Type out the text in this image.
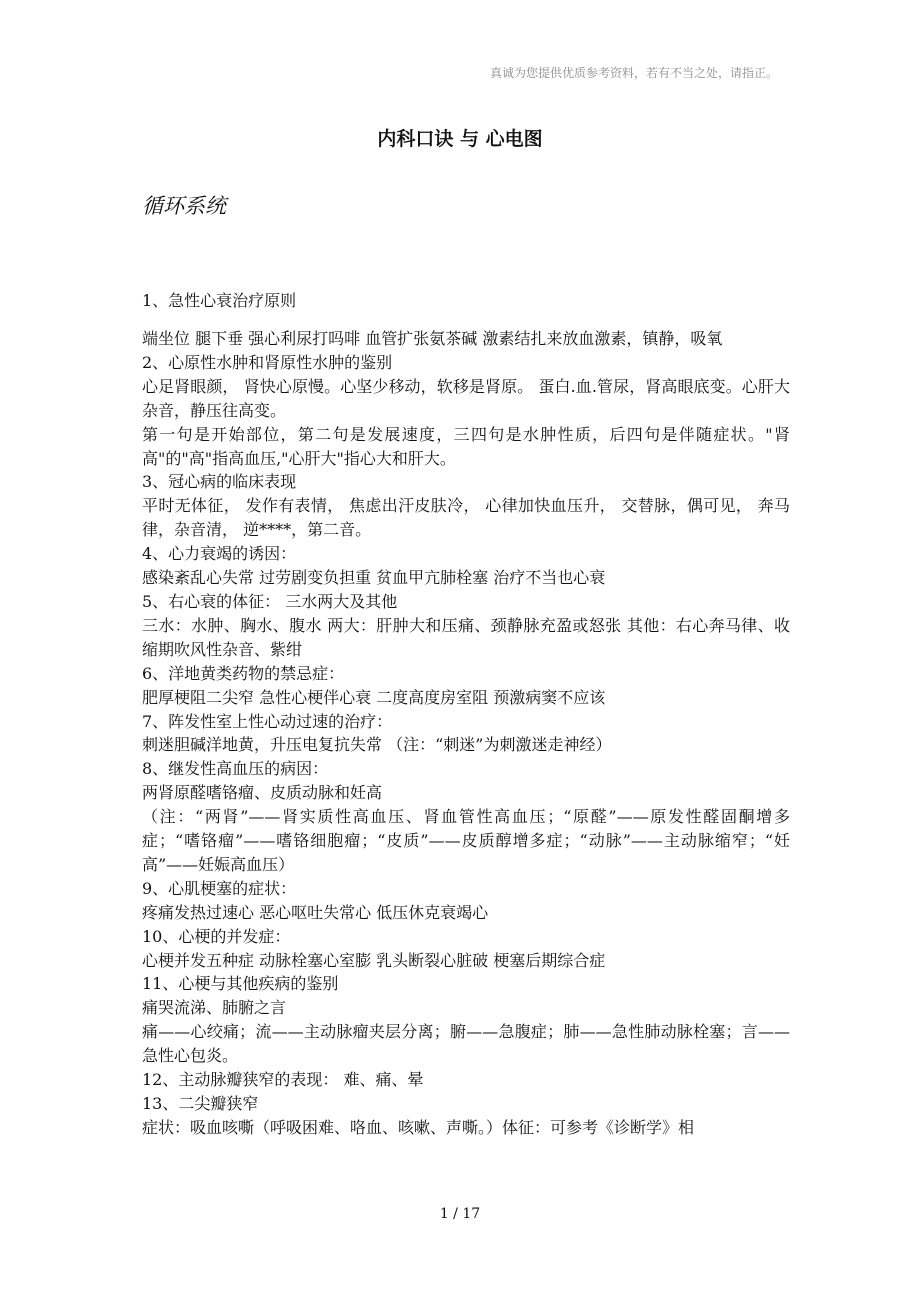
真诚为您提供优质参考资料，若有不当之处，请指正。
内科口诀 与 心电图
循环系统
1、急性心衰治疗原则
端坐位 腿下垂 强心利尿打吗啡 血管扩张氨茶碱 激素结扎来放血激素，镇静，吸氧
2、心原性水肿和肾原性水肿的鉴别
心足肾眼颜， 肾快心原慢。心坚少移动，软移是肾原。 蛋白.血.管尿，肾高眼底变。心肝大杂音，静压往高变。
第一句是开始部位，第二句是发展速度，三四句是水肿性质，后四句是伴随症状。"肾高"的"高"指高血压,"心肝大"指心大和肝大。
3、冠心病的临床表现
平时无体征， 发作有表情， 焦虑出汗皮肤冷， 心律加快血压升， 交替脉，偶可见， 奔马律，杂音清， 逆****，第二音。
4、心力衰竭的诱因：
感染紊乱心失常 过劳剧变负担重 贫血甲亢肺栓塞 治疗不当也心衰
5、右心衰的体征： 三水两大及其他
三水：水肿、胸水、腹水 两大：肝肿大和压痛、颈静脉充盈或怒张 其他：右心奔马律、收缩期吹风性杂音、紫绀
6、洋地黄类药物的禁忌症：
肥厚梗阻二尖窄 急性心梗伴心衰 二度高度房室阻 预激病窦不应该
7、阵发性室上性心动过速的治疗：
刺迷胆碱洋地黄，升压电复抗失常 （注：“刺迷”为刺激迷走神经）
8、继发性高血压的病因：
两肾原醛嗜铬瘤、皮质动脉和妊高
（注：“两肾”——肾实质性高血压、肾血管性高血压；“原醛”——原发性醛固酮增多症；“嗜铬瘤”——嗜铬细胞瘤；“皮质”——皮质醇增多症；“动脉”——主动脉缩窄；“妊高”——妊娠高血压）
9、心肌梗塞的症状：
疼痛发热过速心 恶心呕吐失常心 低压休克衰竭心
10、心梗的并发症：
心梗并发五种症 动脉栓塞心室膨 乳头断裂心脏破 梗塞后期综合症
11、心梗与其他疾病的鉴别
痛哭流涕、肺腑之言
痛——心绞痛；流——主动脉瘤夹层分离；腑——急腹症；肺——急性肺动脉栓塞；言——急性心包炎。
12、主动脉瓣狭窄的表现： 难、痛、晕
13、二尖瓣狭窄
症状：吸血咳嘶（呼吸困难、咯血、咳嗽、声嘶。）体征：可参考《诊断学》相
1 / 17
